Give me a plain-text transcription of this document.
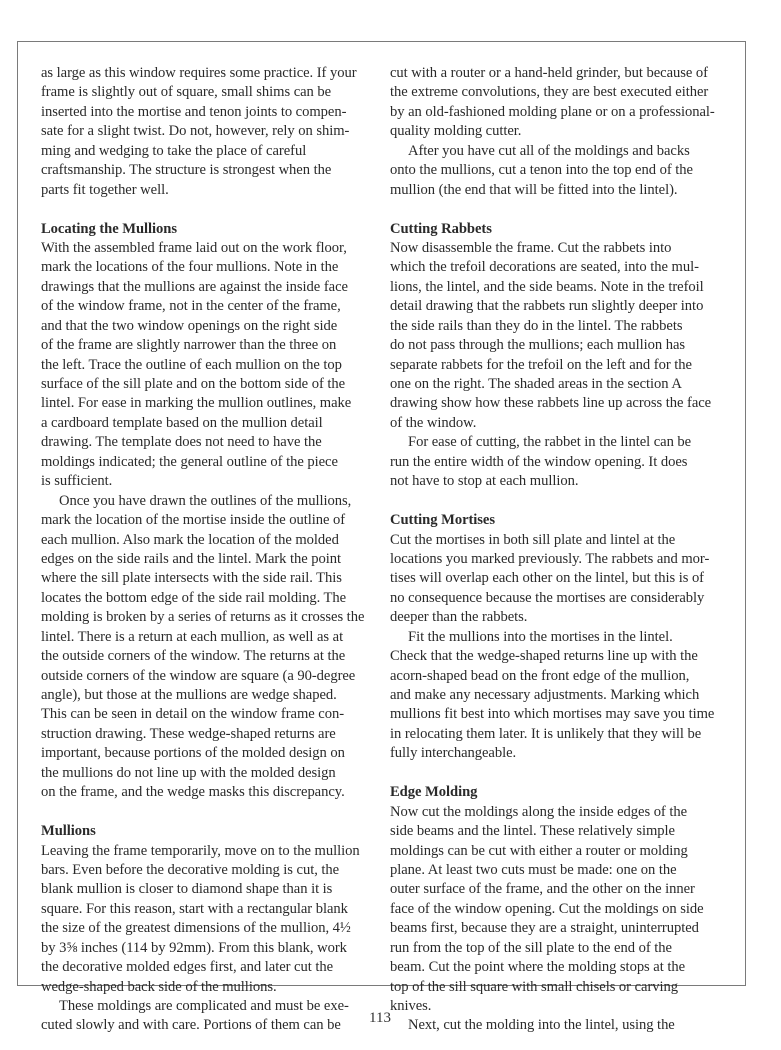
as large as this window requires some practice. If your
frame is slightly out of square, small shims can be
inserted into the mortise and tenon joints to compen-
sate for a slight twist. Do not, however, rely on shim-
ming and wedging to take the place of careful
craftsmanship. The structure is strongest when the
parts fit together well.
Locating the Mullions
With the assembled frame laid out on the work floor,
mark the locations of the four mullions. Note in the
drawings that the mullions are against the inside face
of the window frame, not in the center of the frame,
and that the two window openings on the right side
of the frame are slightly narrower than the three on
the left. Trace the outline of each mullion on the top
surface of the sill plate and on the bottom side of the
lintel. For ease in marking the mullion outlines, make
a cardboard template based on the mullion detail
drawing. The template does not need to have the
moldings indicated; the general outline of the piece
is sufficient.
Once you have drawn the outlines of the mullions,
mark the location of the mortise inside the outline of
each mullion. Also mark the location of the molded
edges on the side rails and the lintel. Mark the point
where the sill plate intersects with the side rail. This
locates the bottom edge of the side rail molding. The
molding is broken by a series of returns as it crosses the
lintel. There is a return at each mullion, as well as at
the outside corners of the window. The returns at the
outside corners of the window are square (a 90-degree
angle), but those at the mullions are wedge shaped.
This can be seen in detail on the window frame con-
struction drawing. These wedge-shaped returns are
important, because portions of the molded design on
the mullions do not line up with the molded design
on the frame, and the wedge masks this discrepancy.
Mullions
Leaving the frame temporarily, move on to the mullion
bars. Even before the decorative molding is cut, the
blank mullion is closer to diamond shape than it is
square. For this reason, start with a rectangular blank
the size of the greatest dimensions of the mullion, 4½
by 3⅝ inches (114 by 92mm). From this blank, work
the decorative molded edges first, and later cut the
wedge-shaped back side of the mullions.
These moldings are complicated and must be exe-
cuted slowly and with care. Portions of them can be
cut with a router or a hand-held grinder, but because of
the extreme convolutions, they are best executed either
by an old-fashioned molding plane or on a professional-
quality molding cutter.
After you have cut all of the moldings and backs
onto the mullions, cut a tenon into the top end of the
mullion (the end that will be fitted into the lintel).
Cutting Rabbets
Now disassemble the frame. Cut the rabbets into
which the trefoil decorations are seated, into the mul-
lions, the lintel, and the side beams. Note in the trefoil
detail drawing that the rabbets run slightly deeper into
the side rails than they do in the lintel. The rabbets
do not pass through the mullions; each mullion has
separate rabbets for the trefoil on the left and for the
one on the right. The shaded areas in the section A
drawing show how these rabbets line up across the face
of the window.
For ease of cutting, the rabbet in the lintel can be
run the entire width of the window opening. It does
not have to stop at each mullion.
Cutting Mortises
Cut the mortises in both sill plate and lintel at the
locations you marked previously. The rabbets and mor-
tises will overlap each other on the lintel, but this is of
no consequence because the mortises are considerably
deeper than the rabbets.
Fit the mullions into the mortises in the lintel.
Check that the wedge-shaped returns line up with the
acorn-shaped bead on the front edge of the mullion,
and make any necessary adjustments. Marking which
mullions fit best into which mortises may save you time
in relocating them later. It is unlikely that they will be
fully interchangeable.
Edge Molding
Now cut the moldings along the inside edges of the
side beams and the lintel. These relatively simple
moldings can be cut with either a router or molding
plane. At least two cuts must be made: one on the
outer surface of the frame, and the other on the inner
face of the window opening. Cut the moldings on side
beams first, because they are a straight, uninterrupted
run from the top of the sill plate to the end of the
beam. Cut the point where the molding stops at the
top of the sill square with small chisels or carving
knives.
Next, cut the molding into the lintel, using the
113
